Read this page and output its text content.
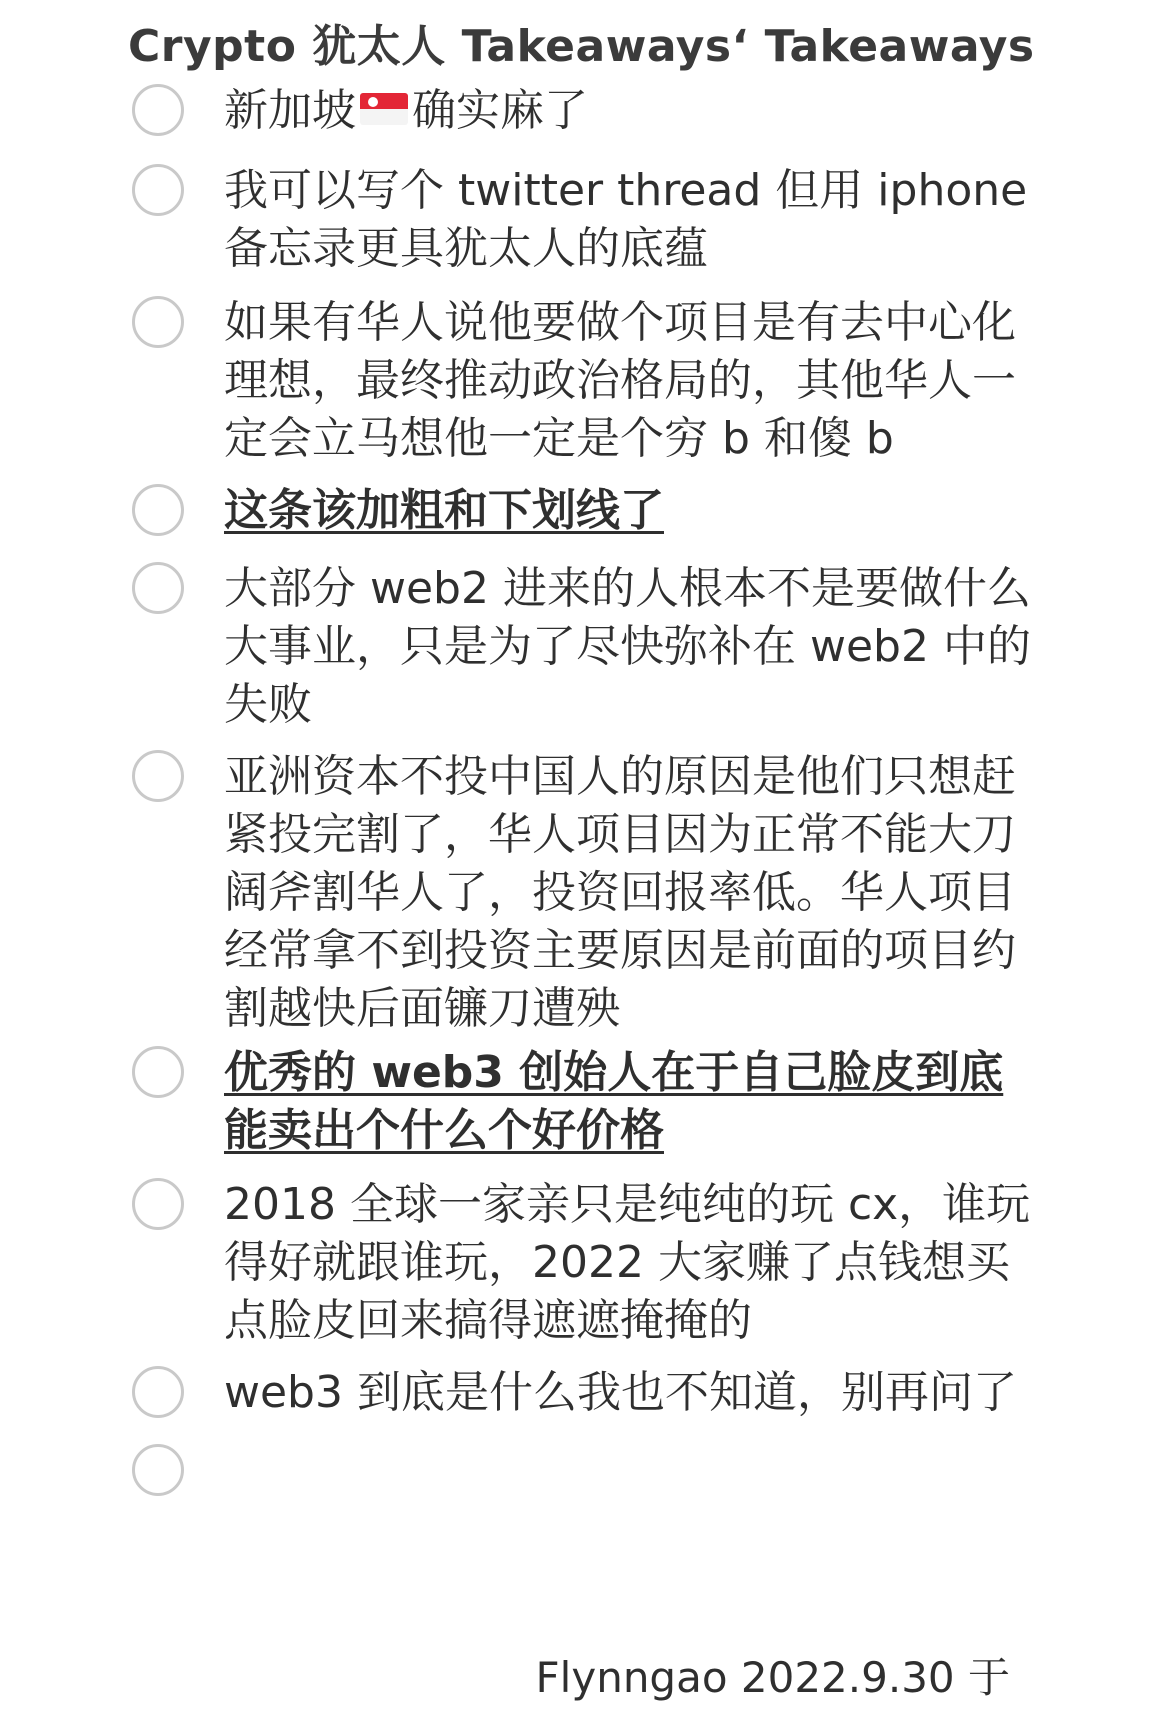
Crypto 犹太人 Takeaways‘ Takeaways

新加坡 确实麻了

我可以写个 twitter thread 但用 iphone 备忘录更具犹太人的底蕴

如果有华人说他要做个项目是有去中心化理想，最终推动政治格局的，其他华人一定会立马想他一定是个穷 b 和傻 b

这条该加粗和下划线了

大部分 web2 进来的人根本不是要做什么大事业，只是为了尽快弥补在 web2 中的失败

亚洲资本不投中国人的原因是他们只想赶紧投完割了，华人项目因为正常不能大刀阔斧割华人了，投资回报率低。华人项目经常拿不到投资主要原因是前面的项目约割越快后面镰刀遭殃

优秀的 web3 创始人在于自己脸皮到底能卖出个什么个好价格

2018 全球一家亲只是纯纯的玩 cx，谁玩得好就跟谁玩，2022 大家赚了点钱想买点脸皮回来搞得遮遮掩掩的

web3 到底是什么我也不知道，别再问了

Flynngao 2022.9.30 于
